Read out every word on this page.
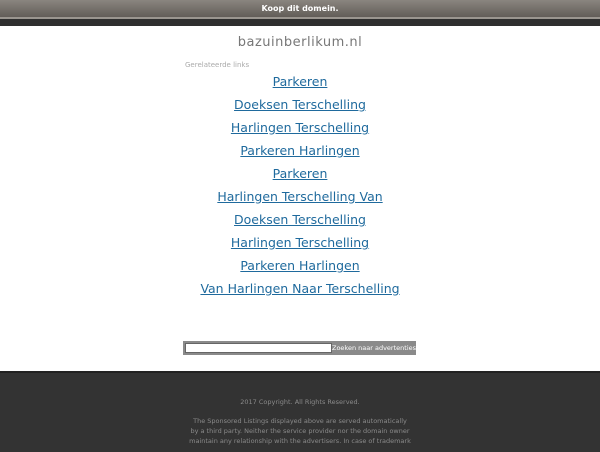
Koop dit domein.
bazuinberlikum.nl
Gerelateerde links
Parkeren
Doeksen Terschelling
Harlingen Terschelling
Parkeren Harlingen
Parkeren
Harlingen Terschelling Van
Doeksen Terschelling
Harlingen Terschelling
Parkeren Harlingen
Van Harlingen Naar Terschelling
Zoeken naar advertenties
2017 Copyright. All Rights Reserved.
The Sponsored Listings displayed above are served automatically
by a third party. Neither the service provider nor the domain owner
maintain any relationship with the advertisers. In case of trademark
